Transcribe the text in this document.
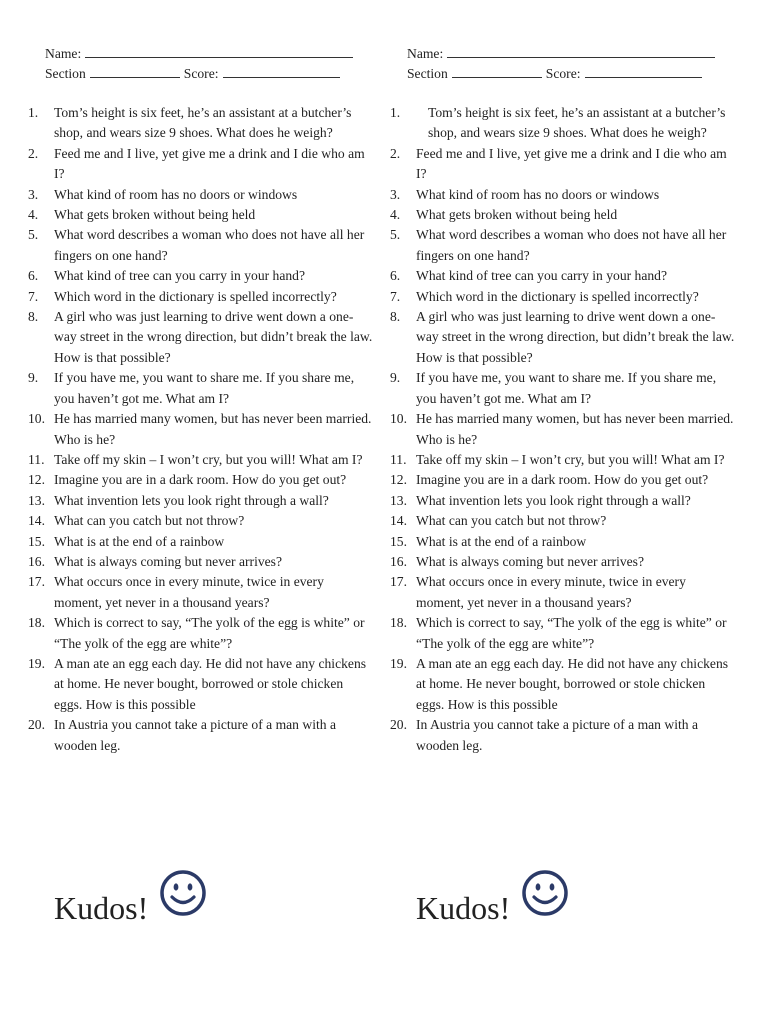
Name:
Section	Score:
1. Tom’s height is six feet, he’s an assistant at a butcher’s shop, and wears size 9 shoes. What does he weigh?
2. Feed me and I live, yet give me a drink and I die who am I?
3. What kind of room has no doors or windows
4. What gets broken without being held
5. What word describes a woman who does not have all her fingers on one hand?
6. What kind of tree can you carry in your hand?
7. Which word in the dictionary is spelled incorrectly?
8. A girl who was just learning to drive went down a one-way street in the wrong direction, but didn’t break the law. How is that possible?
9. If you have me, you want to share me. If you share me, you haven’t got me. What am I?
10. He has married many women, but has never been married. Who is he?
11. Take off my skin – I won’t cry, but you will! What am I?
12. Imagine you are in a dark room. How do you get out?
13. What invention lets you look right through a wall?
14. What can you catch but not throw?
15. What is at the end of a rainbow
16. What is always coming but never arrives?
17. What occurs once in every minute, twice in every moment, yet never in a thousand years?
18. Which is correct to say, “The yolk of the egg is white” or “The yolk of the egg are white”?
19. A man ate an egg each day. He did not have any chickens at home. He never bought, borrowed or stole chicken eggs. How is this possible
20. In Austria you cannot take a picture of a man with a wooden leg.
Name:
Section	Score:
1. Tom’s height is six feet, he’s an assistant at a butcher’s shop, and wears size 9 shoes. What does he weigh?
2. Feed me and I live, yet give me a drink and I die who am I?
3. What kind of room has no doors or windows
4. What gets broken without being held
5. What word describes a woman who does not have all her fingers on one hand?
6. What kind of tree can you carry in your hand?
7. Which word in the dictionary is spelled incorrectly?
8. A girl who was just learning to drive went down a one-way street in the wrong direction, but didn’t break the law. How is that possible?
9. If you have me, you want to share me. If you share me, you haven’t got me. What am I?
10. He has married many women, but has never been married. Who is he?
11. Take off my skin – I won’t cry, but you will! What am I?
12. Imagine you are in a dark room. How do you get out?
13. What invention lets you look right through a wall?
14. What can you catch but not throw?
15. What is at the end of a rainbow
16. What is always coming but never arrives?
17. What occurs once in every minute, twice in every moment, yet never in a thousand years?
18. Which is correct to say, “The yolk of the egg is white” or “The yolk of the egg are white”?
19. A man ate an egg each day. He did not have any chickens at home. He never bought, borrowed or stole chicken eggs. How is this possible
20. In Austria you cannot take a picture of a man with a wooden leg.
Kudos!	Kudos!
